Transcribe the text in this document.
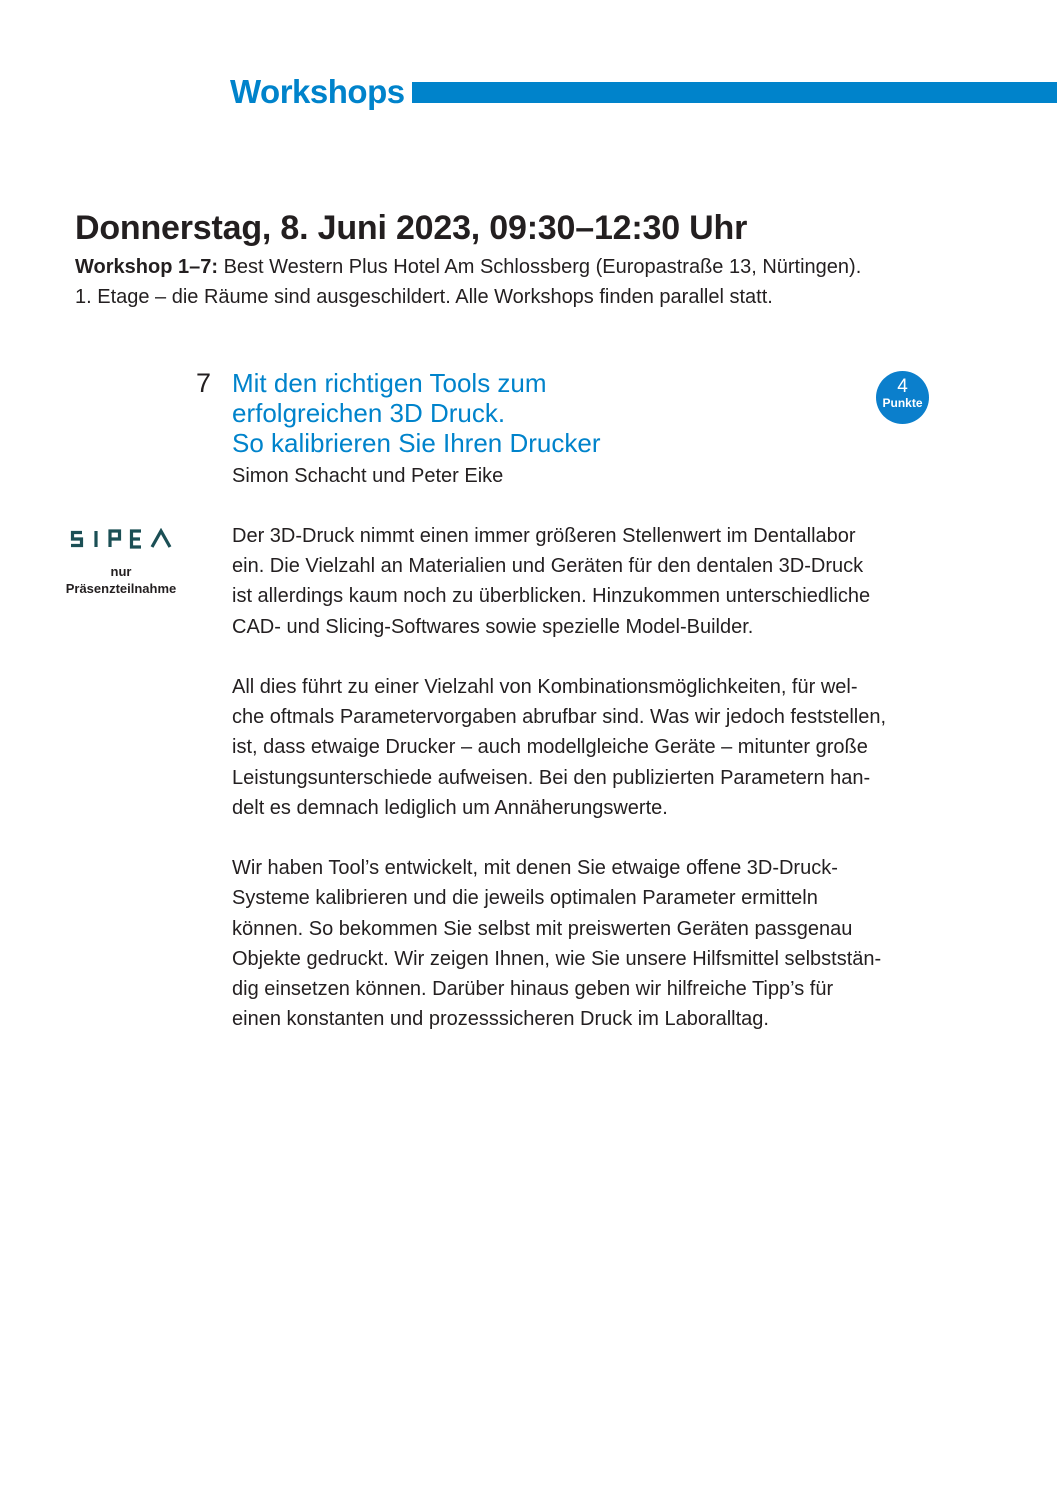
Workshops
Donnerstag, 8. Juni 2023, 09:30–12:30 Uhr
Workshop 1–7: Best Western Plus Hotel Am Schlossberg (Europastraße 13, Nürtingen).
1. Etage – die Räume sind ausgeschildert. Alle Workshops finden parallel statt.
7 Mit den richtigen Tools zum
erfolgreichen 3D Druck.
So kalibrieren Sie Ihren Drucker
Simon Schacht und Peter Eike
4
Punkte
nur
Präsenzteilnahme

Der 3D-Druck nimmt einen immer größeren Stellenwert im Dentallabor
ein. Die Vielzahl an Materialien und Geräten für den dentalen 3D-Druck
ist allerdings kaum noch zu überblicken. Hinzukommen unterschiedliche
CAD- und Slicing-Softwares sowie spezielle Model-Builder.

All dies führt zu einer Vielzahl von Kombinationsmöglichkeiten, für wel-
che oftmals Parametervorgaben abrufbar sind. Was wir jedoch feststellen,
ist, dass etwaige Drucker – auch modellgleiche Geräte – mitunter große
Leistungsunterschiede aufweisen. Bei den publizierten Parametern han-
delt es demnach lediglich um Annäherungswerte.

Wir haben Tool’s entwickelt, mit denen Sie etwaige offene 3D-Druck-
Systeme kalibrieren und die jeweils optimalen Parameter ermitteln
können. So bekommen Sie selbst mit preiswerten Geräten passgenau
Objekte gedruckt. Wir zeigen Ihnen, wie Sie unsere Hilfsmittel selbststän-
dig einsetzen können. Darüber hinaus geben wir hilfreiche Tipp’s für
einen konstanten und prozesssicheren Druck im Laboralltag.
